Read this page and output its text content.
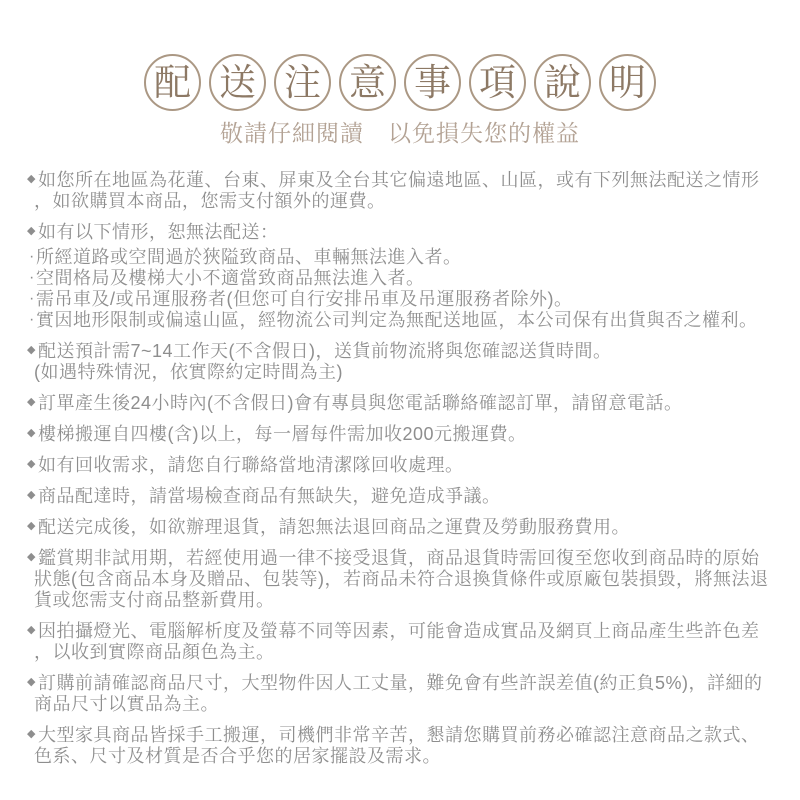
配 送 注 意 事 項 說 明
敬請仔細閱讀　以免損失您的權益
◆ 如您所在地區為花蓮、台東、屏東及全台其它偏遠地區、山區，或有下列無法配送之情形
，如欲購買本商品，您需支付額外的運費。
◆ 如有以下情形，恕無法配送：
· 所經道路或空間過於狹隘致商品、車輛無法進入者。
· 空間格局及樓梯大小不適當致商品無法進入者。
· 需吊車及/或吊運服務者(但您可自行安排吊車及吊運服務者除外)。
· 實因地形限制或偏遠山區，經物流公司判定為無配送地區，本公司保有出貨與否之權利。
◆ 配送預計需7~14工作天(不含假日)，送貨前物流將與您確認送貨時間。
(如遇特殊情況，依實際約定時間為主)
◆ 訂單產生後24小時內(不含假日)會有專員與您電話聯絡確認訂單，請留意電話。
◆ 樓梯搬運自四樓(含)以上，每一層每件需加收200元搬運費。
◆ 如有回收需求，請您自行聯絡當地清潔隊回收處理。
◆ 商品配達時，請當場檢查商品有無缺失，避免造成爭議。
◆ 配送完成後，如欲辦理退貨，請恕無法退回商品之運費及勞動服務費用。
◆ 鑑賞期非試用期，若經使用過一律不接受退貨，商品退貨時需回復至您收到商品時的原始
狀態(包含商品本身及贈品、包裝等)，若商品未符合退換貨條件或原廠包裝損毀，將無法退
貨或您需支付商品整新費用。
◆ 因拍攝燈光、電腦解析度及螢幕不同等因素，可能會造成實品及網頁上商品產生些許色差
，以收到實際商品顏色為主。
◆ 訂購前請確認商品尺寸，大型物件因人工丈量，難免會有些許誤差值(約正負5%)，詳細的
商品尺寸以實品為主。
◆ 大型家具商品皆採手工搬運，司機們非常辛苦，懇請您購買前務必確認注意商品之款式、
色系、尺寸及材質是否合乎您的居家擺設及需求。
